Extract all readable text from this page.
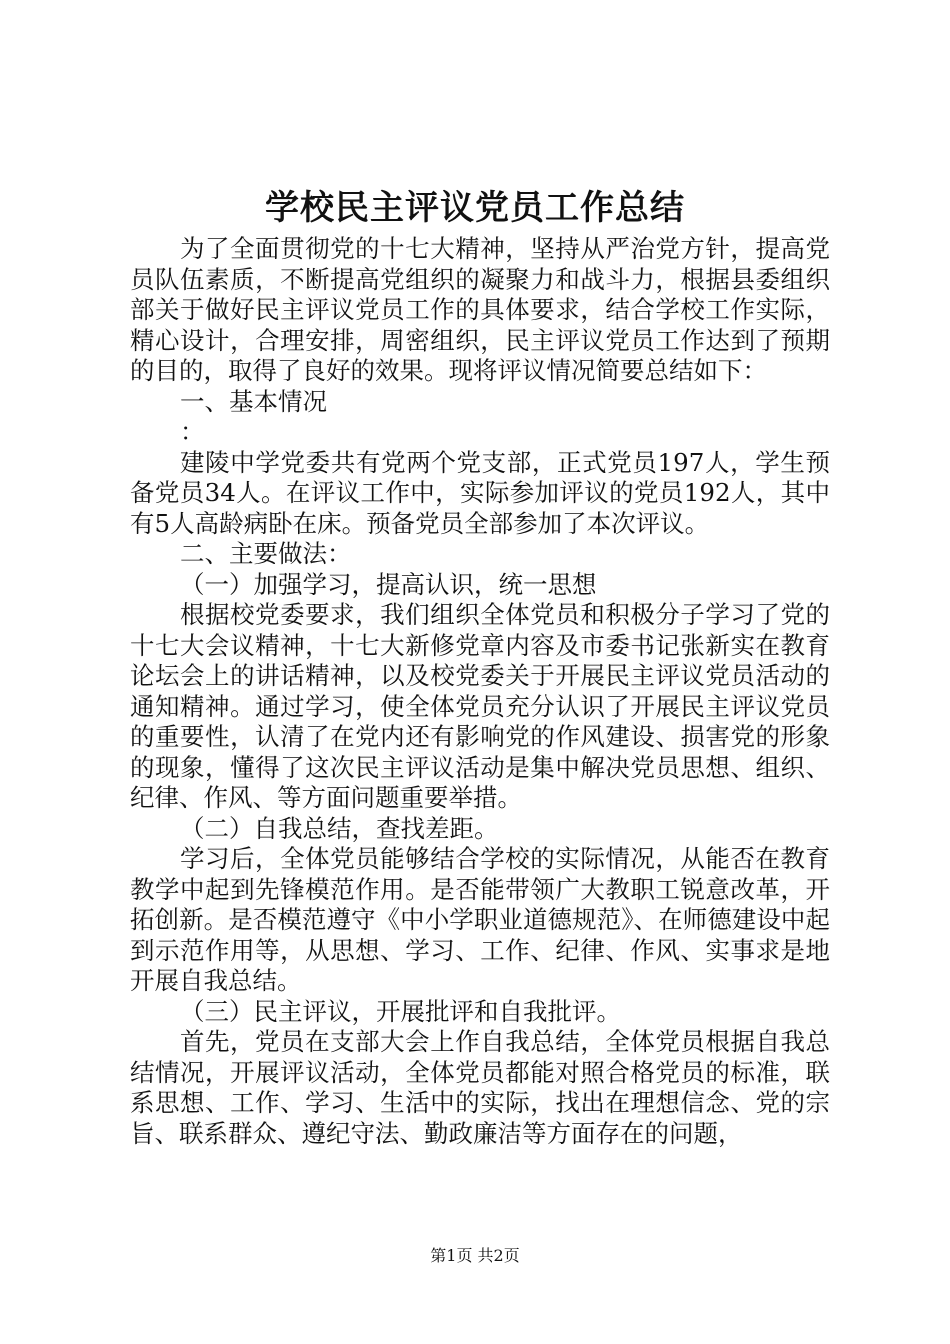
学校民主评议党员工作总结

为了全面贯彻党的十七大精神，坚持从严治党方针，提高党员队伍素质，不断提高党组织的凝聚力和战斗力，根据县委组织部关于做好民主评议党员工作的具体要求，结合学校工作实际，精心设计，合理安排，周密组织，民主评议党员工作达到了预期的目的，取得了良好的效果。现将评议情况简要总结如下：

一、基本情况

：

建陵中学党委共有党两个党支部，正式党员197人，学生预备党员34人。在评议工作中，实际参加评议的党员192人，其中有5人高龄病卧在床。预备党员全部参加了本次评议。

二、主要做法：

（一）加强学习，提高认识，统一思想

根据校党委要求，我们组织全体党员和积极分子学习了党的十七大会议精神，十七大新修党章内容及市委书记张新实在教育论坛会上的讲话精神，以及校党委关于开展民主评议党员活动的通知精神。通过学习，使全体党员充分认识了开展民主评议党员的重要性，认清了在党内还有影响党的作风建设、损害党的形象的现象，懂得了这次民主评议活动是集中解决党员思想、组织、纪律、作风、等方面问题重要举措。

（二）自我总结，查找差距。

学习后，全体党员能够结合学校的实际情况，从能否在教育教学中起到先锋模范作用。是否能带领广大教职工锐意改革，开拓创新。是否模范遵守《中小学职业道德规范》、在师德建设中起到示范作用等，从思想、学习、工作、纪律、作风、实事求是地开展自我总结。

（三）民主评议，开展批评和自我批评。

首先，党员在支部大会上作自我总结，全体党员根据自我总结情况，开展评议活动，全体党员都能对照合格党员的标准，联系思想、工作、学习、生活中的实际，找出在理想信念、党的宗旨、联系群众、遵纪守法、勤政廉洁等方面存在的问题，

第1页 共2页
